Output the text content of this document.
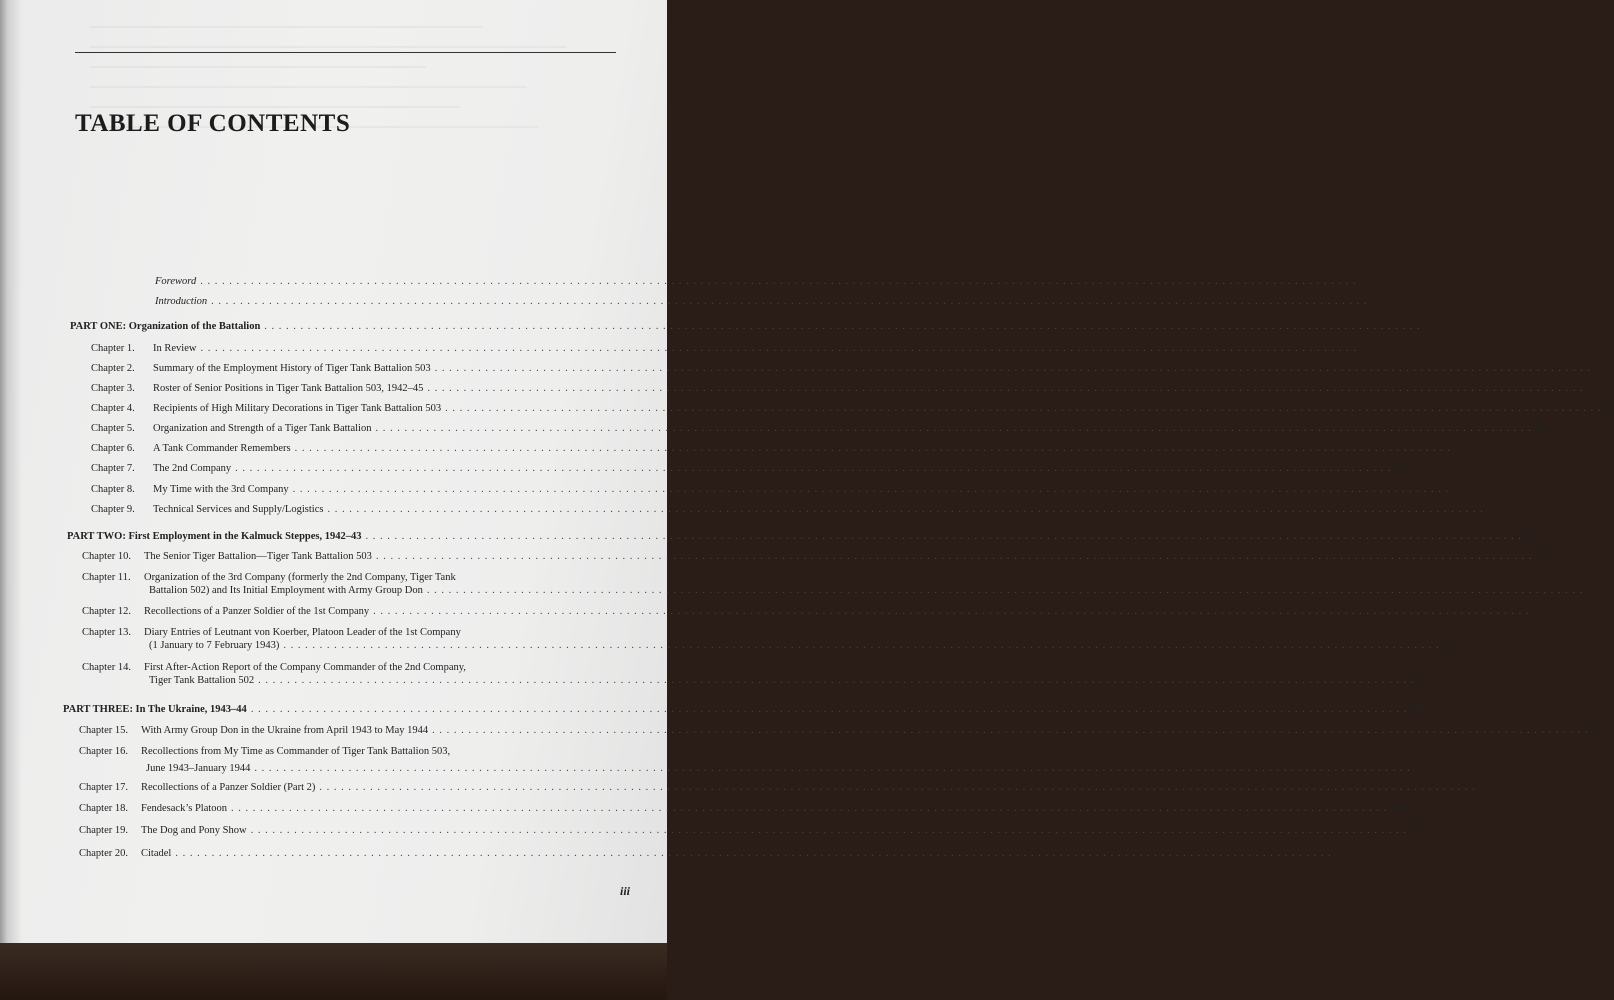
TABLE OF CONTENTS
Foreword . . . . . . . . . . . . . . . . . . . . . . . . . . . . . . . . . . . . . . . . . . . . . . . . . . . . . . . . . . . . . . . . . . . . . . . . . . . . . . . . . . . . . . . . . . . . . . . . . . . . . . . . . . . . . . . . . . . . . . . . . . . . . . . . . . . . . . . . . . . . . . . . . . . . . . . . . . . . . . . . v
Introduction . . . . . . . . . . . . . . . . . . . . . . . . . . . . . . . . . . . . . . . . . . . . . . . . . . . . . . . . . . . . . . . . . . . . . . . . . . . . . . . . . . . . . . . . . . . . . . . . . . . . . . . . . . . . . . . . . . . . . . . . . . . . . . . . . . . . . . . . . . . . . . . . . . . . . . . . . . . . . . . . vii
PART ONE: Organization of the Battalion . . . . . . . . . . . . . . . . . . . . . . . . . . . . . . . . . . . . . . . . . . . . . . . . . . . . . . . . . . . . . . . . . . . . . . . . . . . . . . . . . . . . . . . . . . . . . . . . . . . . . . . . . . . . . . . . . . . . . . . . . . . . . . . . . . . . . . . . . . . . . . . . . . . . . . . . . . . . . . . . 1
Chapter 1.	In Review . . . . . . . . . . . . . . . . . . . . . . . . . . . . . . . . . . . . . . . . . . . . . . . . . . . . . . . . . . . . . . . . . . . . . . . . . . . . . . . . . . . . . . . . . . . . . . . . . . . . . . . . . . . . . . . . . . . . . . . . . . . . . . . . . . . . . . . . . . . . . . . . . . . . . . . . . . . . . . . . 3
Chapter 2.	Summary of the Employment History of Tiger Tank Battalion 503 . . . . . . . . . . . . . . . . . . . . . . . . . . . . . . . . . . . . . . . . . . . . . . . . . . . . . . . . . . . . . . . . . . . . . . . . . . . . . . . . . . . . . . . . . . . . . . . . . . . . . . . . . . . . . . . . . . . . . . . . . . . . . . . . . . . . . . . . . . . . . . . . . . . . . . . . . . . . . . . . 5
Chapter 3.	Roster of Senior Positions in Tiger Tank Battalion 503, 1942–45 . . . . . . . . . . . . . . . . . . . . . . . . . . . . . . . . . . . . . . . . . . . . . . . . . . . . . . . . . . . . . . . . . . . . . . . . . . . . . . . . . . . . . . . . . . . . . . . . . . . . . . . . . . . . . . . . . . . . . . . . . . . . . . . . . . . . . . . . . . . . . . . . . . . . . . . . . . . . . . . . 9
Chapter 4.	Recipients of High Military Decorations in Tiger Tank Battalion 503 . . . . . . . . . . . . . . . . . . . . . . . . . . . . . . . . . . . . . . . . . . . . . . . . . . . . . . . . . . . . . . . . . . . . . . . . . . . . . . . . . . . . . . . . . . . . . . . . . . . . . . . . . . . . . . . . . . . . . . . . . . . . . . . . . . . . . . . . . . . . . . . . . . . . . . . . . . . . . . . . 13
Chapter 5.	Organization and Strength of a Tiger Tank Battalion . . . . . . . . . . . . . . . . . . . . . . . . . . . . . . . . . . . . . . . . . . . . . . . . . . . . . . . . . . . . . . . . . . . . . . . . . . . . . . . . . . . . . . . . . . . . . . . . . . . . . . . . . . . . . . . . . . . . . . . . . . . . . . . . . . . . . . . . . . . . . . . . . . . . . . . . . . . . . . . . 15
Chapter 6.	A Tank Commander Remembers . . . . . . . . . . . . . . . . . . . . . . . . . . . . . . . . . . . . . . . . . . . . . . . . . . . . . . . . . . . . . . . . . . . . . . . . . . . . . . . . . . . . . . . . . . . . . . . . . . . . . . . . . . . . . . . . . . . . . . . . . . . . . . . . . . . . . . . . . . . . . . . . . . . . . . . . . . . . . . . . 21
Chapter 7.	The 2nd Company . . . . . . . . . . . . . . . . . . . . . . . . . . . . . . . . . . . . . . . . . . . . . . . . . . . . . . . . . . . . . . . . . . . . . . . . . . . . . . . . . . . . . . . . . . . . . . . . . . . . . . . . . . . . . . . . . . . . . . . . . . . . . . . . . . . . . . . . . . . . . . . . . . . . . . . . . . . . . . . . 27
Chapter 8.	My Time with the 3rd Company . . . . . . . . . . . . . . . . . . . . . . . . . . . . . . . . . . . . . . . . . . . . . . . . . . . . . . . . . . . . . . . . . . . . . . . . . . . . . . . . . . . . . . . . . . . . . . . . . . . . . . . . . . . . . . . . . . . . . . . . . . . . . . . . . . . . . . . . . . . . . . . . . . . . . . . . . . . . . . . . 31
Chapter 9.	Technical Services and Supply/Logistics . . . . . . . . . . . . . . . . . . . . . . . . . . . . . . . . . . . . . . . . . . . . . . . . . . . . . . . . . . . . . . . . . . . . . . . . . . . . . . . . . . . . . . . . . . . . . . . . . . . . . . . . . . . . . . . . . . . . . . . . . . . . . . . . . . . . . . . . . . . . . . . . . . . . . . . . . . . . . . . . 39
PART TWO: First Employment in the Kalmuck Steppes, 1942–43 . . . . . . . . . . . . . . . . . . . . . . . . . . . . . . . . . . . . . . . . . . . . . . . . . . . . . . . . . . . . . . . . . . . . . . . . . . . . . . . . . . . . . . . . . . . . . . . . . . . . . . . . . . . . . . . . . . . . . . . . . . . . . . . . . . . . . . . . . . . . . . . . . . . . . . . . . . . . . . . . 55
Chapter 10.	The Senior Tiger Battalion—Tiger Tank Battalion 503 . . . . . . . . . . . . . . . . . . . . . . . . . . . . . . . . . . . . . . . . . . . . . . . . . . . . . . . . . . . . . . . . . . . . . . . . . . . . . . . . . . . . . . . . . . . . . . . . . . . . . . . . . . . . . . . . . . . . . . . . . . . . . . . . . . . . . . . . . . . . . . . . . . . . . . . . . . . . . . . . 57
Chapter 11.	Organization of the 3rd Company (formerly the 2nd Company, Tiger Tank
Battalion 502) and Its Initial Employment with Army Group Don . . . . . . . . . . . . . . . . . . . . . . . . . . . . . . . . . . . . . . . . . . . . . . . . . . . . . . . . . . . . . . . . . . . . . . . . . . . . . . . . . . . . . . . . . . . . . . . . . . . . . . . . . . . . . . . . . . . . . . . . . . . . . . . . . . . . . . . . . . . . . . . . . . . . . . . . . . . . . . . . 59
Chapter 12.	Recollections of a Panzer Soldier of the 1st Company . . . . . . . . . . . . . . . . . . . . . . . . . . . . . . . . . . . . . . . . . . . . . . . . . . . . . . . . . . . . . . . . . . . . . . . . . . . . . . . . . . . . . . . . . . . . . . . . . . . . . . . . . . . . . . . . . . . . . . . . . . . . . . . . . . . . . . . . . . . . . . . . . . . . . . . . . . . . . . . . 63
Chapter 13.	Diary Entries of Leutnant von Koerber, Platoon Leader of the 1st Company
(1 January to 7 February 1943) . . . . . . . . . . . . . . . . . . . . . . . . . . . . . . . . . . . . . . . . . . . . . . . . . . . . . . . . . . . . . . . . . . . . . . . . . . . . . . . . . . . . . . . . . . . . . . . . . . . . . . . . . . . . . . . . . . . . . . . . . . . . . . . . . . . . . . . . . . . . . . . . . . . . . . . . . . . . . . . . 69
Chapter 14.	First After-Action Report of the Company Commander of the 2nd Company,
Tiger Tank Battalion 502 . . . . . . . . . . . . . . . . . . . . . . . . . . . . . . . . . . . . . . . . . . . . . . . . . . . . . . . . . . . . . . . . . . . . . . . . . . . . . . . . . . . . . . . . . . . . . . . . . . . . . . . . . . . . . . . . . . . . . . . . . . . . . . . . . . . . . . . . . . . . . . . . . . . . . . . . . . . . . . . . 79
PART THREE: In The Ukraine, 1943–44 . . . . . . . . . . . . . . . . . . . . . . . . . . . . . . . . . . . . . . . . . . . . . . . . . . . . . . . . . . . . . . . . . . . . . . . . . . . . . . . . . . . . . . . . . . . . . . . . . . . . . . . . . . . . . . . . . . . . . . . . . . . . . . . . . . . . . . . . . . . . . . . . . . . . . . . . . . . . . . . . 105
Chapter 15.	With Army Group Don in the Ukraine from April 1943 to May 1944 . . . . . . . . . . . . . . . . . . . . . . . . . . . . . . . . . . . . . . . . . . . . . . . . . . . . . . . . . . . . . . . . . . . . . . . . . . . . . . . . . . . . . . . . . . . . . . . . . . . . . . . . . . . . . . . . . . . . . . . . . . . . . . . . . . . . . . . . . . . . . . . . . . . . . . . . . . . . . . . . 107
Chapter 16.	Recollections from My Time as Commander of Tiger Tank Battalion 503,
June 1943–January 1944 . . . . . . . . . . . . . . . . . . . . . . . . . . . . . . . . . . . . . . . . . . . . . . . . . . . . . . . . . . . . . . . . . . . . . . . . . . . . . . . . . . . . . . . . . . . . . . . . . . . . . . . . . . . . . . . . . . . . . . . . . . . . . . . . . . . . . . . . . . . . . . . . . . . . . . . . . . . . . . . . 109
Chapter 17.	Recollections of a Panzer Soldier (Part 2) . . . . . . . . . . . . . . . . . . . . . . . . . . . . . . . . . . . . . . . . . . . . . . . . . . . . . . . . . . . . . . . . . . . . . . . . . . . . . . . . . . . . . . . . . . . . . . . . . . . . . . . . . . . . . . . . . . . . . . . . . . . . . . . . . . . . . . . . . . . . . . . . . . . . . . . . . . . . . . . . 115
Chapter 18.	Fendesack’s Platoon . . . . . . . . . . . . . . . . . . . . . . . . . . . . . . . . . . . . . . . . . . . . . . . . . . . . . . . . . . . . . . . . . . . . . . . . . . . . . . . . . . . . . . . . . . . . . . . . . . . . . . . . . . . . . . . . . . . . . . . . . . . . . . . . . . . . . . . . . . . . . . . . . . . . . . . . . . . . . . . . 131
Chapter 19.	The Dog and Pony Show . . . . . . . . . . . . . . . . . . . . . . . . . . . . . . . . . . . . . . . . . . . . . . . . . . . . . . . . . . . . . . . . . . . . . . . . . . . . . . . . . . . . . . . . . . . . . . . . . . . . . . . . . . . . . . . . . . . . . . . . . . . . . . . . . . . . . . . . . . . . . . . . . . . . . . . . . . . . . . . . 135
Chapter 20.	Citadel . . . . . . . . . . . . . . . . . . . . . . . . . . . . . . . . . . . . . . . . . . . . . . . . . . . . . . . . . . . . . . . . . . . . . . . . . . . . . . . . . . . . . . . . . . . . . . . . . . . . . . . . . . . . . . . . . . . . . . . . . . . . . . . . . . . . . . . . . . . . . . . . . . . . . . . . . . . . . . . . 137
iii
